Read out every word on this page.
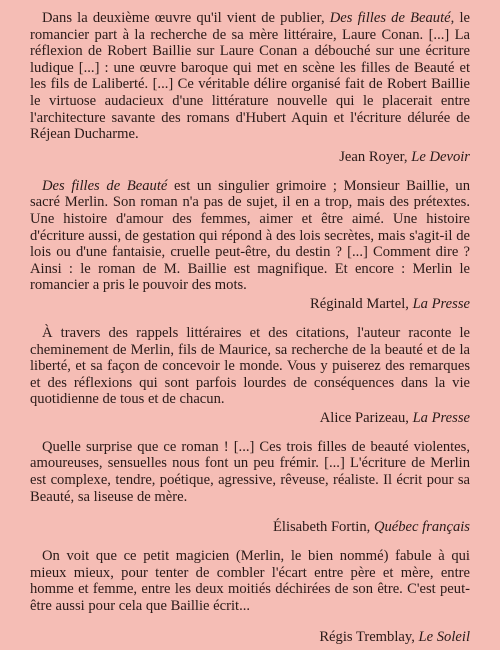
Dans la deuxième œuvre qu'il vient de publier, Des filles de Beauté, le romancier part à la recherche de sa mère littéraire, Laure Conan. [...] La réflexion de Robert Baillie sur Laure Conan a débouché sur une écriture ludique [...] : une œuvre baroque qui met en scène les filles de Beauté et les fils de Laliberté. [...] Ce véritable délire organisé fait de Robert Baillie le virtuose audacieux d'une littérature nouvelle qui le placerait entre l'architecture savante des romans d'Hubert Aquin et l'écriture délurée de Réjean Ducharme.

Jean Royer, Le Devoir

Des filles de Beauté est un singulier grimoire ; Monsieur Baillie, un sacré Merlin. Son roman n'a pas de sujet, il en a trop, mais des prétextes. Une histoire d'amour des femmes, aimer et être aimé. Une histoire d'écriture aussi, de gestation qui répond à des lois secrètes, mais s'agit-il de lois ou d'une fantaisie, cruelle peut-être, du destin ? [...] Comment dire ? Ainsi : le roman de M. Baillie est magnifique. Et encore : Merlin le romancier a pris le pouvoir des mots.

Réginald Martel, La Presse

À travers des rappels littéraires et des citations, l'auteur raconte le cheminement de Merlin, fils de Maurice, sa recherche de la beauté et de la liberté, et sa façon de concevoir le monde. Vous y puiserez des remarques et des réflexions qui sont parfois lourdes de conséquences dans la vie quotidienne de tous et de chacun.

Alice Parizeau, La Presse

Quelle surprise que ce roman ! [...] Ces trois filles de beauté violentes, amoureuses, sensuelles nous font un peu frémir. [...] L'écriture de Merlin est complexe, tendre, poétique, agressive, rêveuse, réaliste. Il écrit pour sa Beauté, sa liseuse de mère.

Élisabeth Fortin, Québec français

On voit que ce petit magicien (Merlin, le bien nommé) fabule à qui mieux mieux, pour tenter de combler l'écart entre père et mère, entre homme et femme, entre les deux moitiés déchirées de son être. C'est peut-être aussi pour cela que Baillie écrit...

Régis Tremblay, Le Soleil
